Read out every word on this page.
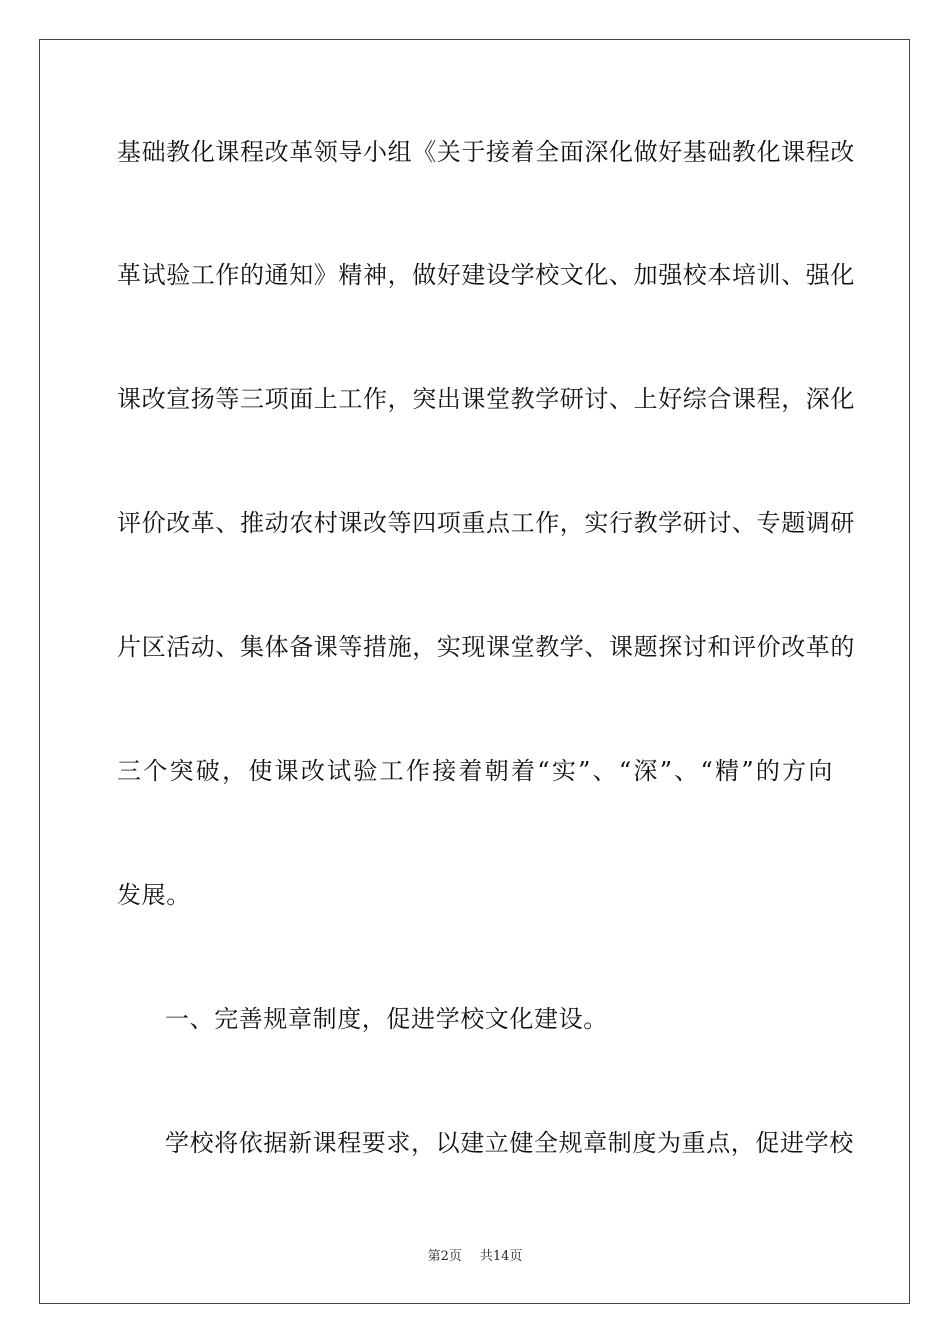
基础教化课程改革领导小组《关于接着全面深化做好基础教化课程改
革试验工作的通知》精神，做好建设学校文化、加强校本培训、强化
课改宣扬等三项面上工作，突出课堂教学研讨、上好综合课程，深化
评价改革、推动农村课改等四项重点工作，实行教学研讨、专题调研
片区活动、集体备课等措施，实现课堂教学、课题探讨和评价改革的
三个突破，使课改试验工作接着朝着“实”、“深”、“精”的方向
发展。
一、完善规章制度，促进学校文化建设。
学校将依据新课程要求，以建立健全规章制度为重点，促进学校
第2页 共14页
